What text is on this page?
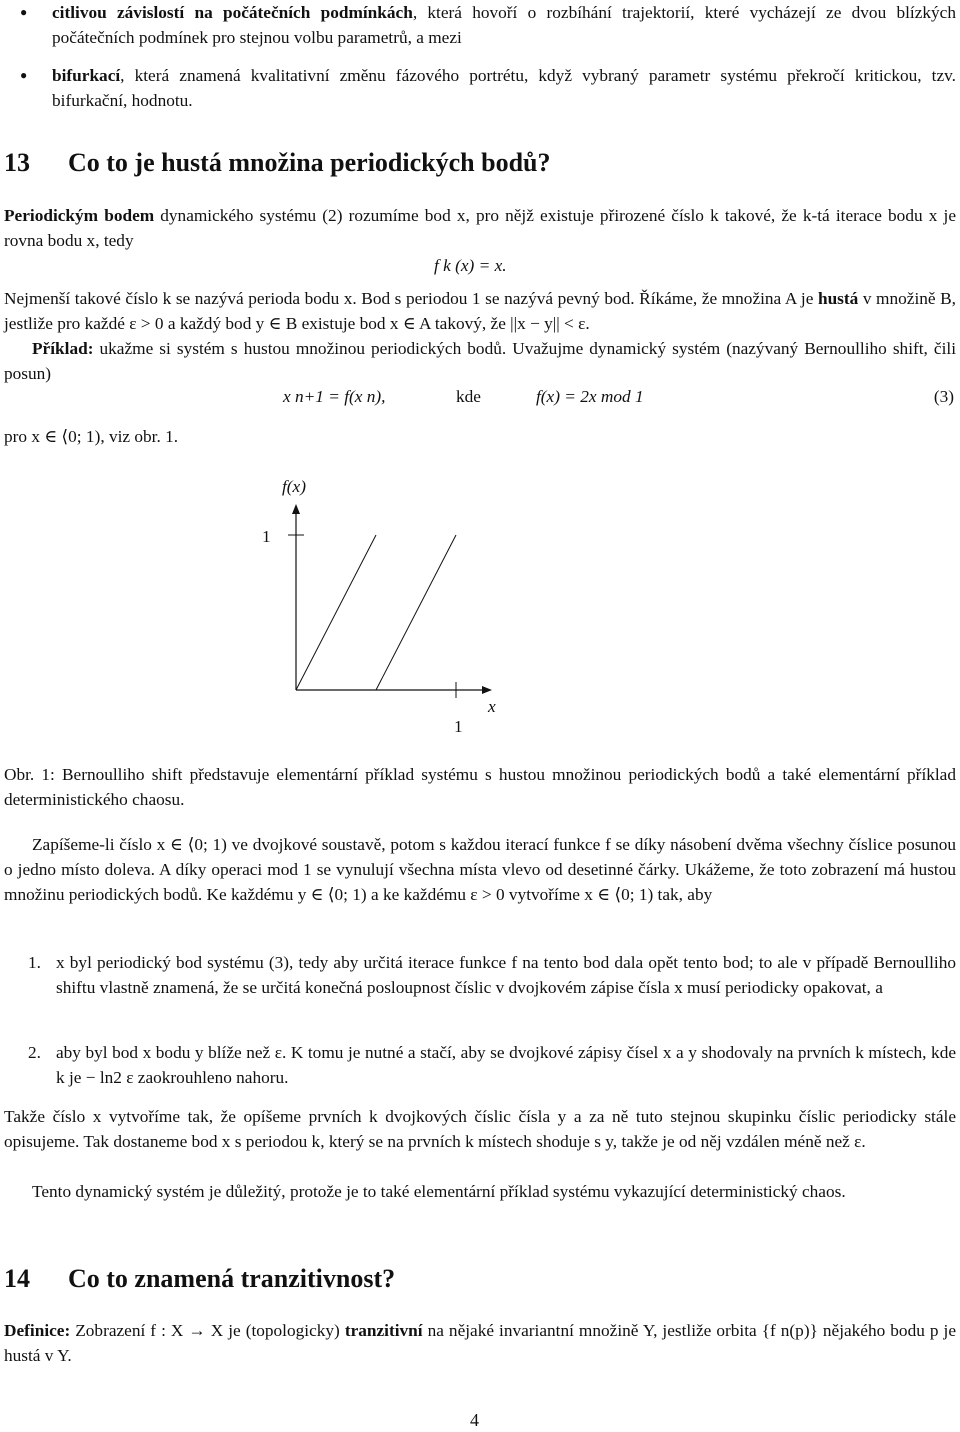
● citlivou závislostí na počátečních podmínkách, která hovoří o rozbíhání trajektorií, které vycházejí ze dvou blízkých počátečních podmínek pro stejnou volbu parametrů, a mezi
● bifurkací, která znamená kvalitativní změnu fázového portrétu, když vybraný parametr systému překročí kritickou, tzv. bifurkační, hodnotu.
13 Co to je hustá množina periodických bodů?
Periodickým bodem dynamického systému (2) rozumíme bod x, pro nějž existuje přirozené číslo k takové, že k-tá iterace bodu x je rovna bodu x, tedy
f k (x) = x.
Nejmenší takové číslo k se nazývá perioda bodu x. Bod s periodou 1 se nazývá pevný bod. Říkáme, že množina A je hustá v množině B, jestliže pro každé ε > 0 a každý bod y ∈ B existuje bod x ∈ A takový, že ||x − y|| < ε.
Příklad: ukažme si systém s hustou množinou periodických bodů. Uvažujme dynamický systém (nazývaný Bernoulliho shift, čili posun)
x n+1 = f(x n),	kde	f(x) = 2x mod 1	(3)
pro x ∈ ⟨0; 1), viz obr. 1.
f(x)
1
x
1
Obr. 1: Bernoulliho shift představuje elementární příklad systému s hustou množinou periodických bodů a také elementární příklad deterministického chaosu.
Zapíšeme-li číslo x ∈ ⟨0; 1) ve dvojkové soustavě, potom s každou iterací funkce f se díky násobení dvěma všechny číslice posunou o jedno místo doleva. A díky operaci mod 1 se vynulují všechna místa vlevo od desetinné čárky. Ukážeme, že toto zobrazení má hustou množinu periodických bodů. Ke každému y ∈ ⟨0; 1) a ke každému ε > 0 vytvoříme x ∈ ⟨0; 1) tak, aby
1. x byl periodický bod systému (3), tedy aby určitá iterace funkce f na tento bod dala opět tento bod; to ale v případě Bernoulliho shiftu vlastně znamená, že se určitá konečná posloupnost číslic v dvojkovém zápise čísla x musí periodicky opakovat, a
2. aby byl bod x bodu y blíže než ε. K tomu je nutné a stačí, aby se dvojkové zápisy čísel x a y shodovaly na prvních k místech, kde k je − ln2 ε zaokrouhleno nahoru.
Takže číslo x vytvoříme tak, že opíšeme prvních k dvojkových číslic čísla y a za ně tuto stejnou skupinku číslic periodicky stále opisujeme. Tak dostaneme bod x s periodou k, který se na prvních k místech shoduje s y, takže je od něj vzdálen méně než ε.
Tento dynamický systém je důležitý, protože je to také elementární příklad systému vykazující deterministický chaos.
14 Co to znamená tranzitivnost?
Definice: Zobrazení f : X → X je (topologicky) tranzitivní na nějaké invariantní množině Y, jestliže orbita {f n(p)} nějakého bodu p je hustá v Y.
4
